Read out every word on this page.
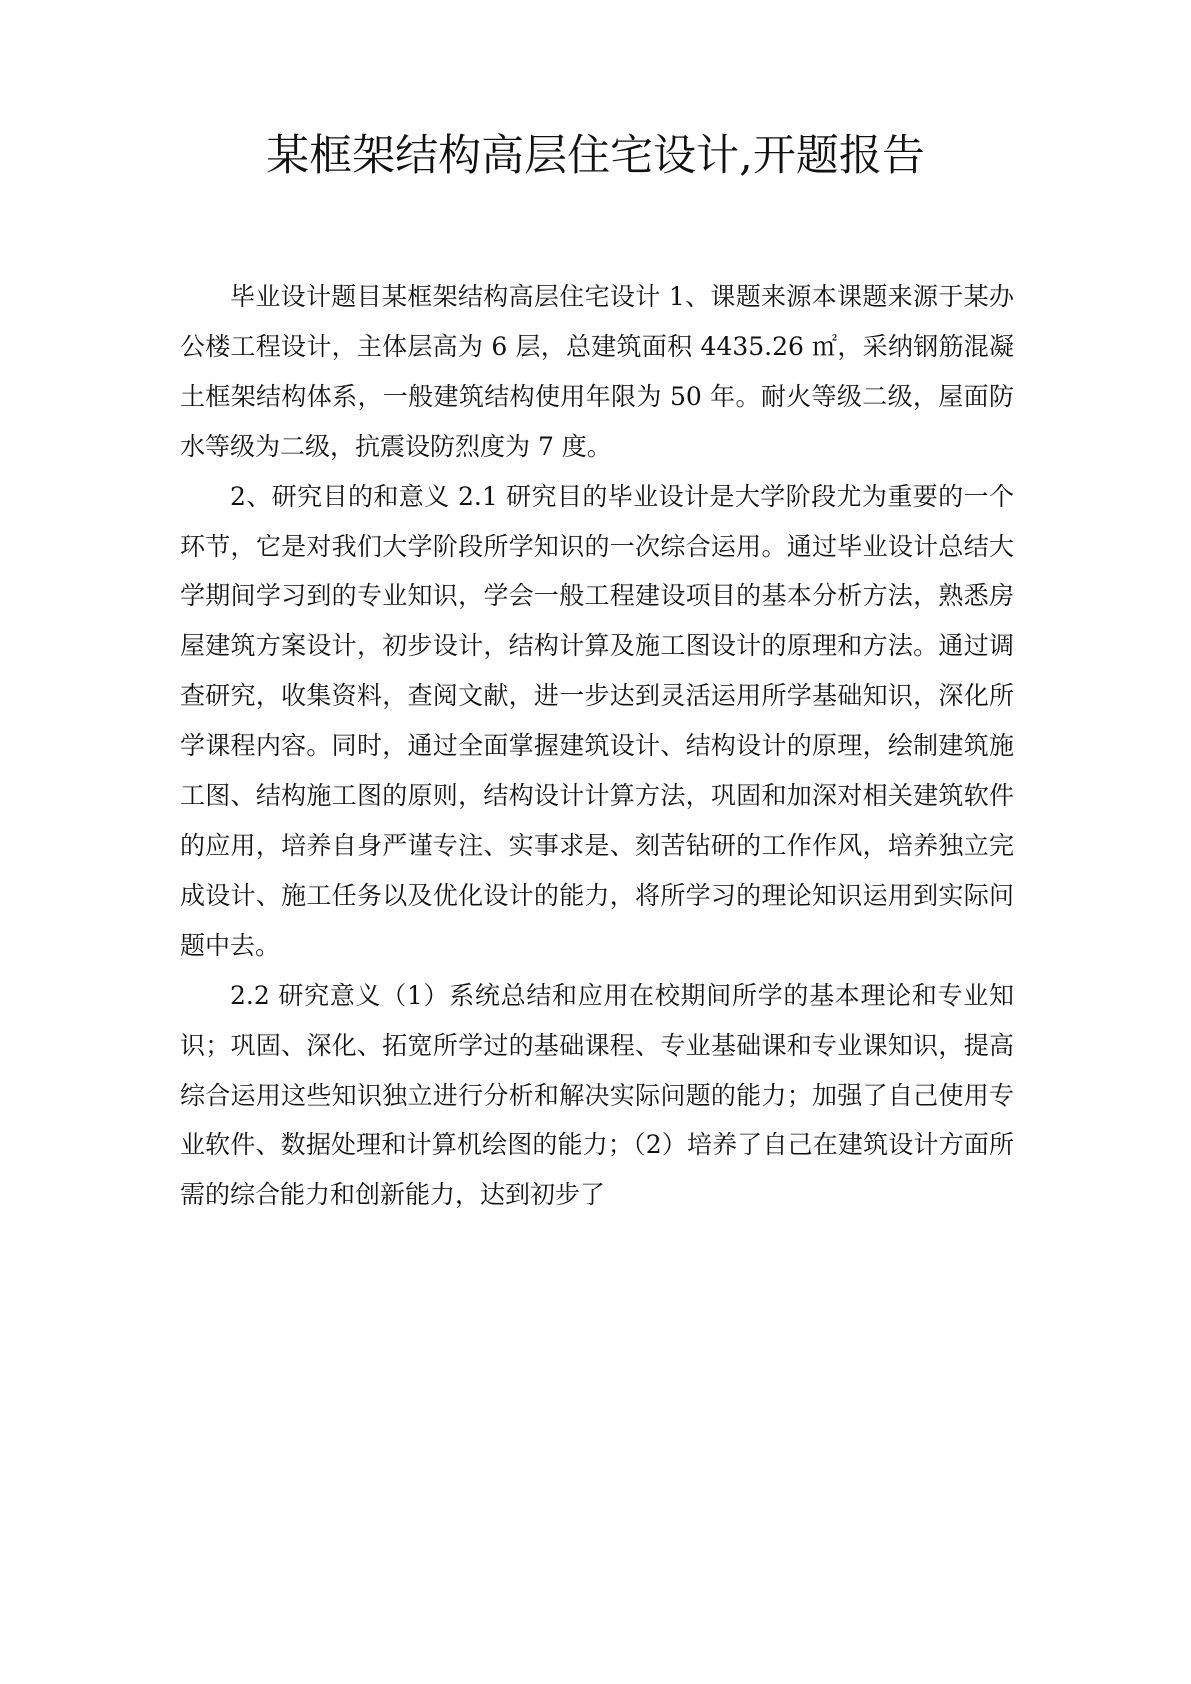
某框架结构高层住宅设计,开题报告

毕业设计题目某框架结构高层住宅设计 1、课题来源本课题来源于某办公楼工程设计，主体层高为 6 层，总建筑面积 4435.26 ㎡，采纳钢筋混凝土框架结构体系，一般建筑结构使用年限为 50 年。耐火等级二级，屋面防水等级为二级，抗震设防烈度为 7 度。

2、研究目的和意义 2.1 研究目的毕业设计是大学阶段尤为重要的一个环节，它是对我们大学阶段所学知识的一次综合运用。通过毕业设计总结大学期间学习到的专业知识，学会一般工程建设项目的基本分析方法，熟悉房屋建筑方案设计，初步设计，结构计算及施工图设计的原理和方法。通过调查研究，收集资料，查阅文献，进一步达到灵活运用所学基础知识，深化所学课程内容。同时，通过全面掌握建筑设计、结构设计的原理，绘制建筑施工图、结构施工图的原则，结构设计计算方法，巩固和加深对相关建筑软件的应用，培养自身严谨专注、实事求是、刻苦钻研的工作作风，培养独立完成设计、施工任务以及优化设计的能力，将所学习的理论知识运用到实际问题中去。

2.2 研究意义（1）系统总结和应用在校期间所学的基本理论和专业知识；巩固、深化、拓宽所学过的基础课程、专业基础课和专业课知识，提高综合运用这些知识独立进行分析和解决实际问题的能力；加强了自己使用专业软件、数据处理和计算机绘图的能力；（2）培养了自己在建筑设计方面所需的综合能力和创新能力，达到初步了
